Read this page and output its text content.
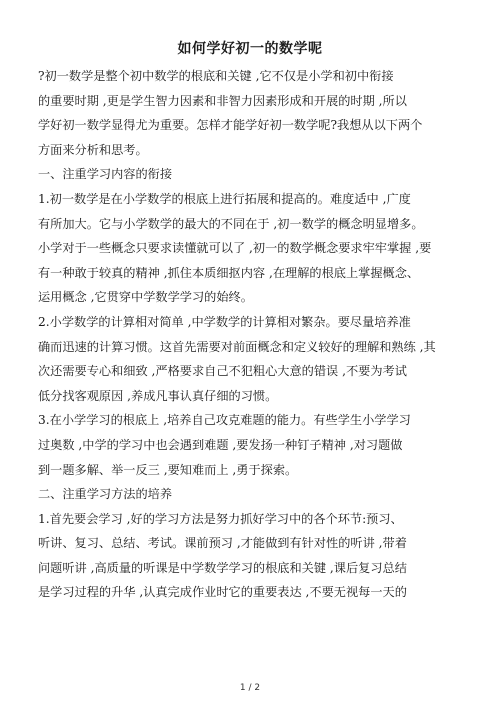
如何学好初一的数学呢
?初一数学是整个初中数学的根底和关键 ,它不仅是小学和初中衔接
的重要时期 ,更是学生智力因素和非智力因素形成和开展的时期 ,所以
学好初一数学显得尤为重要。怎样才能学好初一数学呢?我想从以下两个
方面来分析和思考。
一、注重学习内容的衔接
1.初一数学是在小学数学的根底上进行拓展和提高的。难度适中 ,广度
有所加大。它与小学数学的最大的不同在于 ,初一数学的概念明显增多。
小学对于一些概念只要求读懂就可以了 ,初一的数学概念要求牢牢掌握 ,要
有一种敢于较真的精神 ,抓住本质细抠内容 ,在理解的根底上掌握概念、
运用概念 ,它贯穿中学数学学习的始终。
2.小学数学的计算相对简单 ,中学数学的计算相对繁杂。要尽量培养准
确而迅速的计算习惯。这首先需要对前面概念和定义较好的理解和熟练 ,其
次还需要专心和细致 ,严格要求自己不犯粗心大意的错误 ,不要为考试
低分找客观原因 ,养成凡事认真仔细的习惯。
3.在小学学习的根底上 ,培养自己攻克难题的能力。有些学生小学学习
过奥数 ,中学的学习中也会遇到难题 ,要发扬一种钉子精神 ,对习题做
到一题多解、举一反三 ,要知难而上 ,勇于探索。
二、注重学习方法的培养
1.首先要会学习 ,好的学习方法是努力抓好学习中的各个环节:预习、
听讲、复习、总结、考试。课前预习 ,才能做到有针对性的听讲 ,带着
问题听讲 ,高质量的听课是中学数学学习的根底和关键 ,课后复习总结
是学习过程的升华 ,认真完成作业时它的重要表达 ,不要无视每一天的
1 / 2
